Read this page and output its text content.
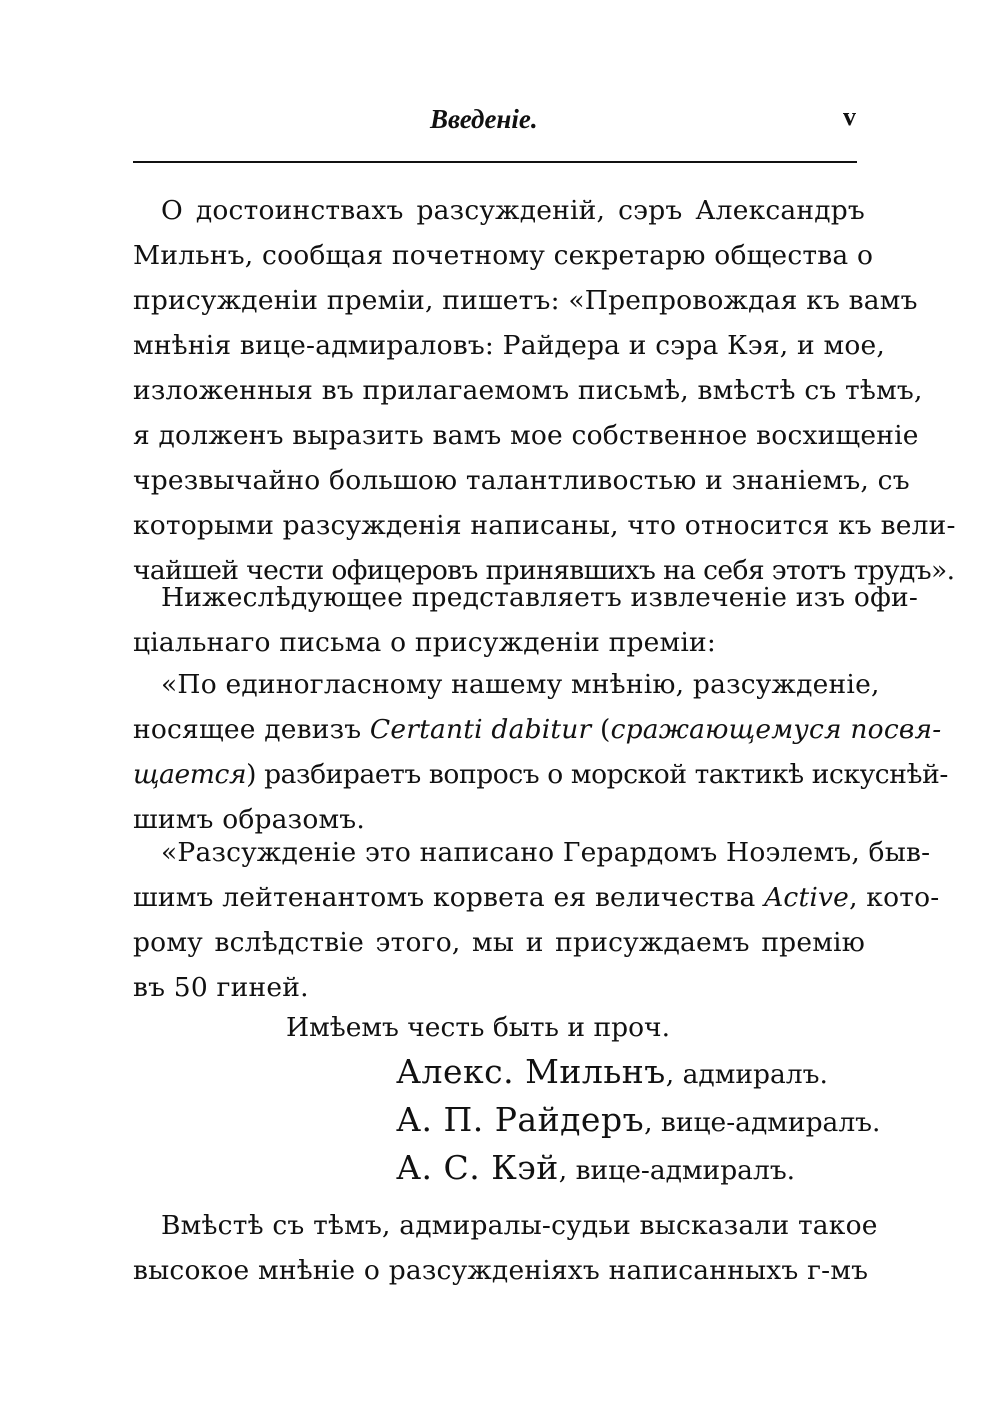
Введеніе.	v
О достоинствахъ разсужденій, сэръ Александръ
Мильнъ, сообщая почетному секретарю общества о
присужденіи преміи, пишетъ: «Препровождая къ вамъ
мнѣнія вице-адмираловъ: Райдера и сэра Кэя, и мое,
изложенныя въ прилагаемомъ письмѣ, вмѣстѣ съ тѣмъ,
я долженъ выразить вамъ мое собственное восхищеніе
чрезвычайно большою талантливостью и знаніемъ, съ
которыми разсужденія написаны, что относится къ вели-
чайшей чести офицеровъ принявшихъ на себя этотъ трудъ».
Нижеслѣдующее представляетъ извлеченіе изъ офи-
ціальнаго письма о присужденіи преміи:
«По единогласному нашему мнѣнію, разсужденіе,
носящее девизъ Certanti dabitur (сражающемуся посвя-
щается) разбираетъ вопросъ о морской тактикѣ искуснѣй-
шимъ образомъ.
«Разсужденіе это написано Герардомъ Ноэлемъ, быв-
шимъ лейтенантомъ корвета ея величества Active, кото-
рому вслѣдствіе этого, мы и присуждаемъ премію
въ 50 гиней.
Имѣемъ честь быть и проч.
Алекс. Мильнъ, адмиралъ.
А. П. Райдеръ, вице-адмиралъ.
А. С. Кэй, вице-адмиралъ.
Вмѣстѣ съ тѣмъ, адмиралы-судьи высказали такое
высокое мнѣніе о разсужденіяхъ написанныхъ г-мъ
